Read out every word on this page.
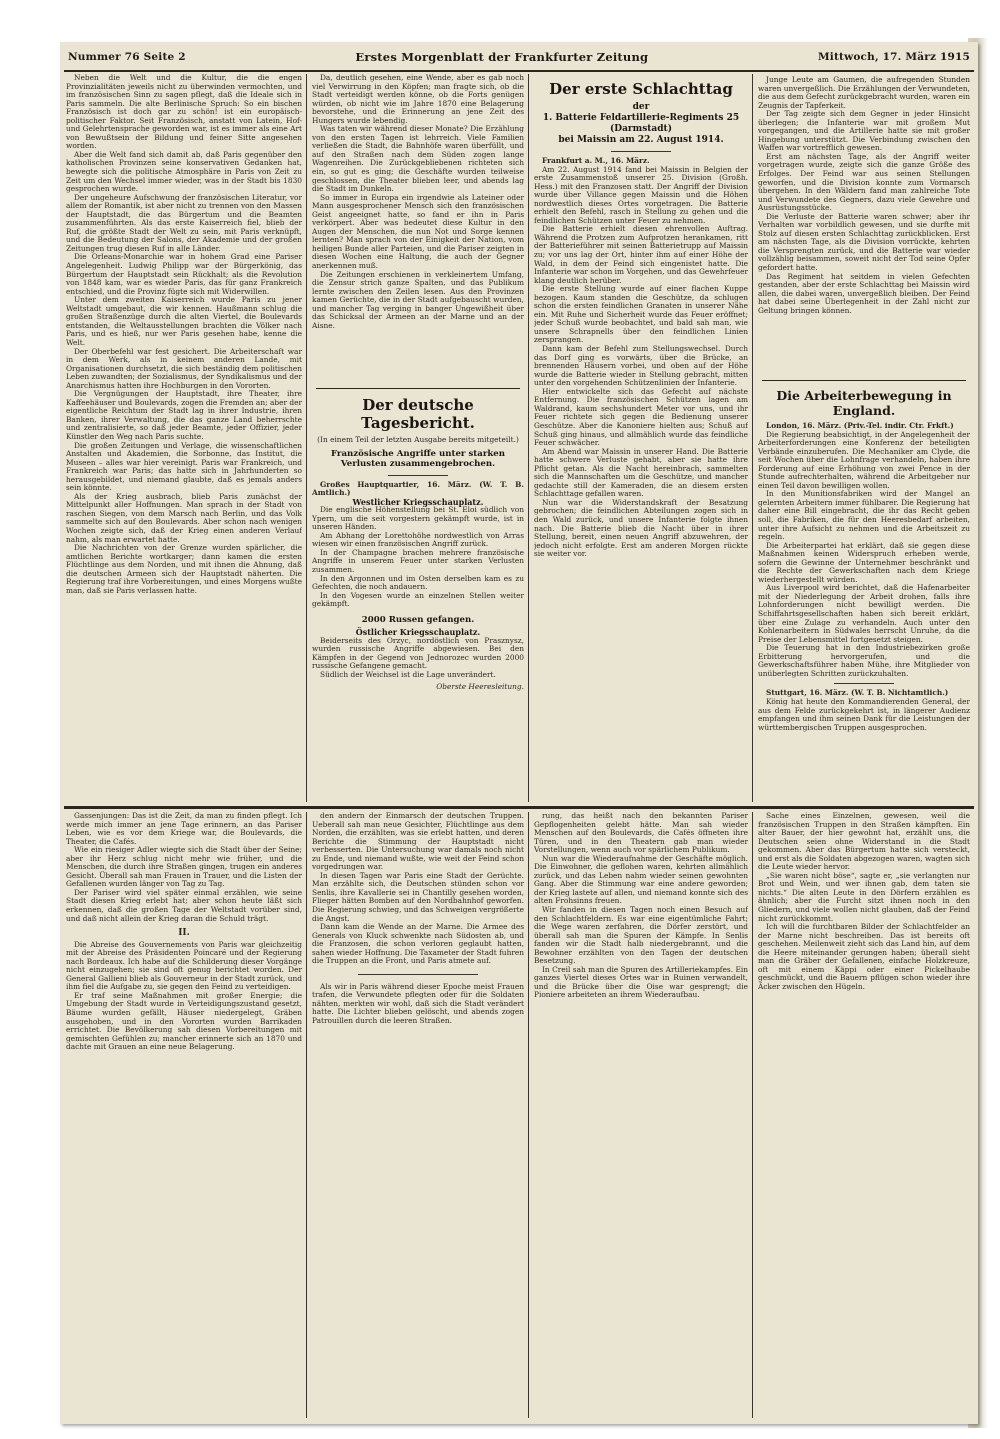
Nummer 76 Seite 2	Erstes Morgenblatt der Frankfurter Zeitung	Mittwoch, 17. März 1915

Neben die Welt und die Kultur, die die engen Provinzialitäten jeweils nicht zu überwinden vermochten, und im französischen Sinn zu sagen pflegt, daß die Ideale sich in Paris sammeln. Die alte Berlinische Spruch: So ein bischen Französisch ist doch gar zu schön! ist ein europäisch-politischer Faktor. Seit Französisch, anstatt von Latein, Hof- und Gelehrtensprache geworden war, ist es immer als eine Art von Bewußtsein der Bildung und feiner Sitte angesehen worden.

Aber die Welt fand sich damit ab, daß Paris gegenüber den katholischen Provinzen seine konservativen Gedanken hat, bewegte sich die politische Atmosphäre in Paris von Zeit zu Zeit um den Wechsel immer wieder, was in der Stadt bis 1830 gesprochen wurde.

Der ungeheure Aufschwung der französischen Literatur, vor allem der Romantik, ist aber nicht zu trennen von den Massen der Hauptstadt, die das Bürgertum und die Beamten zusammenführten. Als das erste Kaiserreich fiel, blieb der Ruf, die größte Stadt der Welt zu sein, mit Paris verknüpft, und die Bedeutung der Salons, der Akademie und der großen Zeitungen trug diesen Ruf in alle Länder.

Die Orleans-Monarchie war in hohem Grad eine Pariser Angelegenheit. Ludwig Philipp war der Bürgerkönig, das Bürgertum der Hauptstadt sein Rückhalt; als die Revolution von 1848 kam, war es wieder Paris, das für ganz Frankreich entschied, und die Provinz fügte sich mit Widerwillen.

Unter dem zweiten Kaiserreich wurde Paris zu jener Weltstadt umgebaut, die wir kennen. Haußmann schlug die großen Straßenzüge durch die alten Viertel, die Boulevards entstanden, die Weltausstellungen brachten die Völker nach Paris, und es hieß, nur wer Paris gesehen habe, kenne die Welt.

Der Oberbefehl war fest gesichert. Die Arbeiterschaft war in dem Werk, als in keinem anderen Lande, mit Organisationen durchsetzt, die sich beständig dem politischen Leben zuwandten; der Sozialismus, der Syndikalismus und der Anarchismus hatten ihre Hochburgen in den Vororten.

Die Vergnügungen der Hauptstadt, ihre Theater, ihre Kaffeehäuser und Boulevards, zogen die Fremden an; aber der eigentliche Reichtum der Stadt lag in ihrer Industrie, ihren Banken, ihrer Verwaltung, die das ganze Land beherrschte und zentralisierte, so daß jeder Beamte, jeder Offizier, jeder Künstler den Weg nach Paris suchte.

Die großen Zeitungen und Verlage, die wissenschaftlichen Anstalten und Akademien, die Sorbonne, das Institut, die Museen – alles war hier vereinigt. Paris war Frankreich, und Frankreich war Paris; das hatte sich in Jahrhunderten so herausgebildet, und niemand glaubte, daß es jemals anders sein könnte.

Als der Krieg ausbrach, blieb Paris zunächst der Mittelpunkt aller Hoffnungen. Man sprach in der Stadt von raschen Siegen, von dem Marsch nach Berlin, und das Volk sammelte sich auf den Boulevards. Aber schon nach wenigen Wochen zeigte sich, daß der Krieg einen anderen Verlauf nahm, als man erwartet hatte.

Die Nachrichten von der Grenze wurden spärlicher, die amtlichen Berichte wortkarger; dann kamen die ersten Flüchtlinge aus dem Norden, und mit ihnen die Ahnung, daß die deutschen Armeen sich der Hauptstadt näherten. Die Regierung traf ihre Vorbereitungen, und eines Morgens wußte man, daß sie Paris verlassen hatte.

Da, deutlich gesehen, eine Wende, aber es gab noch viel Verwirrung in den Köpfen; man fragte sich, ob die Stadt verteidigt werden könne, ob die Forts genügen würden, ob nicht wie im Jahre 1870 eine Belagerung bevorstehe, und die Erinnerung an jene Zeit des Hungers wurde lebendig.

Was taten wir während dieser Monate? Die Erzählung von den ersten Tagen ist lehrreich. Viele Familien verließen die Stadt, die Bahnhöfe waren überfüllt, und auf den Straßen nach dem Süden zogen lange Wagenreihen. Die Zurückgebliebenen richteten sich ein, so gut es ging; die Geschäfte wurden teilweise geschlossen, die Theater blieben leer, und abends lag die Stadt im Dunkeln.

So immer in Europa ein irgendwie als Lateiner oder Mann ausgesprochener Mensch sich den französischen Geist angeeignet hatte, so fand er ihn in Paris verkörpert. Aber was bedeutet diese Kultur in den Augen der Menschen, die nun Not und Sorge kennen lernten? Man sprach von der Einigkeit der Nation, vom heiligen Bunde aller Parteien, und die Pariser zeigten in diesen Wochen eine Haltung, die auch der Gegner anerkennen muß.

Die Zeitungen erschienen in verkleinertem Umfang, die Zensur strich ganze Spalten, und das Publikum lernte zwischen den Zeilen lesen. Aus den Provinzen kamen Gerüchte, die in der Stadt aufgebauscht wurden, und mancher Tag verging in banger Ungewißheit über das Schicksal der Armeen an der Marne und an der Aisne.

Der deutsche Tagesbericht.
(In einem Teil der letzten Ausgabe bereits mitgeteilt.)
Französische Angriffe unter starken Verlusten zusammengebrochen.

Großes Hauptquartier, 16. März. (W. T. B. Amtlich.)

Westlicher Kriegsschauplatz.

Die englische Höhenstellung bei St. Eloi südlich von Ypern, um die seit vorgestern gekämpft wurde, ist in unseren Händen.

Am Abhang der Lorettohöhe nordwestlich von Arras wiesen wir einen französischen Angriff zurück.

In der Champagne brachen mehrere französische Angriffe in unserem Feuer unter starken Verlusten zusammen.

In den Argonnen und im Osten derselben kam es zu Gefechten, die noch andauern.

In den Vogesen wurde an einzelnen Stellen weiter gekämpft.

2000 Russen gefangen.
Östlicher Kriegsschauplatz.

Beiderseits des Orzyc, nordöstlich von Prasznysz, wurden russische Angriffe abgewiesen. Bei den Kämpfen in der Gegend von Jednorozec wurden 2000 russische Gefangene gemacht.

Südlich der Weichsel ist die Lage unverändert.

Oberste Heeresleitung.
Der erste Schlachttag
der
1. Batterie Feldartillerie-Regiments 25 (Darmstadt)
bei Maissin am 22. August 1914.

Frankfurt a. M., 16. März.

Am 22. August 1914 fand bei Maissin in Belgien der erste Zusammenstoß unserer 25. Division (Großh. Hess.) mit den Franzosen statt. Der Angriff der Division wurde über Villance gegen Maissin und die Höhen nordwestlich dieses Ortes vorgetragen. Die Batterie erhielt den Befehl, rasch in Stellung zu gehen und die feindlichen Schützen unter Feuer zu nehmen.

Die Batterie erhielt diesen ehrenvollen Auftrag. Während die Protzen zum Aufprotzen herankamen, ritt der Batterieführer mit seinen Batterietrupp auf Maissin zu; vor uns lag der Ort, hinter ihm auf einer Höhe der Wald, in dem der Feind sich eingenistet hatte. Die Infanterie war schon im Vorgehen, und das Gewehrfeuer klang deutlich herüber.

Die erste Stellung wurde auf einer flachen Kuppe bezogen. Kaum standen die Geschütze, da schlugen schon die ersten feindlichen Granaten in unserer Nähe ein. Mit Ruhe und Sicherheit wurde das Feuer eröffnet; jeder Schuß wurde beobachtet, und bald sah man, wie unsere Schrapnells über den feindlichen Linien zersprangen.

Dann kam der Befehl zum Stellungswechsel. Durch das Dorf ging es vorwärts, über die Brücke, an brennenden Häusern vorbei, und oben auf der Höhe wurde die Batterie wieder in Stellung gebracht, mitten unter den vorgehenden Schützenlinien der Infanterie.

Hier entwickelte sich das Gefecht auf nächste Entfernung. Die französischen Schützen lagen am Waldrand, kaum sechshundert Meter vor uns, und ihr Feuer richtete sich gegen die Bedienung unserer Geschütze. Aber die Kanoniere hielten aus; Schuß auf Schuß ging hinaus, und allmählich wurde das feindliche Feuer schwächer.

Am Abend war Maissin in unserer Hand. Die Batterie hatte schwere Verluste gehabt, aber sie hatte ihre Pflicht getan. Als die Nacht hereinbrach, sammelten sich die Mannschaften um die Geschütze, und mancher gedachte still der Kameraden, die an diesem ersten Schlachttage gefallen waren.

Nun war die Widerstandskraft der Besatzung gebrochen; die feindlichen Abteilungen zogen sich in den Wald zurück, und unsere Infanterie folgte ihnen nach. Die Batterie blieb die Nacht über in ihrer Stellung, bereit, einen neuen Angriff abzuwehren, der jedoch nicht erfolgte. Erst am anderen Morgen rückte sie weiter vor.

Junge Leute am Gaumen, die aufregenden Stunden waren unvergeßlich. Die Erzählungen der Verwundeten, die aus dem Gefecht zurückgebracht wurden, waren ein Zeugnis der Tapferkeit.

Der Tag zeigte sich dem Gegner in jeder Hinsicht überlegen; die Infanterie war mit großem Mut vorgegangen, und die Artillerie hatte sie mit großer Hingebung unterstützt. Die Verbindung zwischen den Waffen war vortrefflich gewesen.

Erst am nächsten Tage, als der Angriff weiter vorgetragen wurde, zeigte sich die ganze Größe des Erfolges. Der Feind war aus seinen Stellungen geworfen, und die Division konnte zum Vormarsch übergehen. In den Wäldern fand man zahlreiche Tote und Verwundete des Gegners, dazu viele Gewehre und Ausrüstungsstücke.

Die Verluste der Batterie waren schwer; aber ihr Verhalten war vorbildlich gewesen, und sie durfte mit Stolz auf diesen ersten Schlachttag zurückblicken. Erst am nächsten Tage, als die Division vorrückte, kehrten die Versprengten zurück, und die Batterie war wieder vollzählig beisammen, soweit nicht der Tod seine Opfer gefordert hatte.

Das Regiment hat seitdem in vielen Gefechten gestanden, aber der erste Schlachttag bei Maissin wird allen, die dabei waren, unvergeßlich bleiben. Der Feind hat dabei seine Überlegenheit in der Zahl nicht zur Geltung bringen können.

Die Arbeiterbewegung in England.

London, 16. März. (Priv.-Tel. indir. Ctr. Frkft.)

Die Regierung beabsichtigt, in der Angelegenheit der Arbeiterforderungen eine Konferenz der beteiligten Verbände einzuberufen. Die Mechaniker am Clyde, die seit Wochen über die Lohnfrage verhandeln, haben ihre Forderung auf eine Erhöhung von zwei Pence in der Stunde aufrechterhalten, während die Arbeitgeber nur einen Teil davon bewilligen wollen.

In den Munitionsfabriken wird der Mangel an gelernten Arbeitern immer fühlbarer. Die Regierung hat daher eine Bill eingebracht, die ihr das Recht geben soll, die Fabriken, die für den Heeresbedarf arbeiten, unter ihre Aufsicht zu nehmen und die Arbeitszeit zu regeln.

Die Arbeiterpartei hat erklärt, daß sie gegen diese Maßnahmen keinen Widerspruch erheben werde, sofern die Gewinne der Unternehmer beschränkt und die Rechte der Gewerkschaften nach dem Kriege wiederhergestellt würden.

Aus Liverpool wird berichtet, daß die Hafenarbeiter mit der Niederlegung der Arbeit drohen, falls ihre Lohnforderungen nicht bewilligt werden. Die Schiffahrtsgesellschaften haben sich bereit erklärt, über eine Zulage zu verhandeln. Auch unter den Kohlenarbeitern in Südwales herrscht Unruhe, da die Preise der Lebensmittel fortgesetzt steigen.

Die Teuerung hat in den Industriebezirken große Erbitterung hervorgerufen, und die Gewerkschaftsführer haben Mühe, ihre Mitglieder von unüberlegten Schritten zurückzuhalten.

Stuttgart, 16. März. (W. T. B. Nichtamtlich.)

König hat heute den Kommandierenden General, der aus dem Felde zurückgekehrt ist, in längerer Audienz empfangen und ihm seinen Dank für die Leistungen der württembergischen Truppen ausgesprochen.

Gassenjungen: Das ist die Zeit, da man zu finden pflegt. Ich werde mich immer an jene Tage erinnern, an das Pariser Leben, wie es vor dem Kriege war, die Boulevards, die Theater, die Cafés.

Wie ein riesiger Adler wiegte sich die Stadt über der Seine; aber ihr Herz schlug nicht mehr wie früher, und die Menschen, die durch ihre Straßen gingen, trugen ein anderes Gesicht. Überall sah man Frauen in Trauer, und die Listen der Gefallenen wurden länger von Tag zu Tag.

Der Pariser wird viel später einmal erzählen, wie seine Stadt diesen Krieg erlebt hat; aber schon heute läßt sich erkennen, daß die großen Tage der Weltstadt vorüber sind, und daß nicht allein der Krieg daran die Schuld trägt.

II.

Die Abreise des Gouvernements von Paris war gleichzeitig mit der Abreise des Präsidenten Poincaré und der Regierung nach Bordeaux. Ich habe auf die Schilderung dieser Vorgänge nicht einzugehen; sie sind oft genug berichtet worden. Der General Gallieni blieb als Gouverneur in der Stadt zurück, und ihm fiel die Aufgabe zu, sie gegen den Feind zu verteidigen.

Er traf seine Maßnahmen mit großer Energie; die Umgebung der Stadt wurde in Verteidigungszustand gesetzt, Bäume wurden gefällt, Häuser niedergelegt, Gräben ausgehoben, und in den Vororten wurden Barrikaden errichtet. Die Bevölkerung sah diesen Vorbereitungen mit gemischten Gefühlen zu; mancher erinnerte sich an 1870 und dachte mit Grauen an eine neue Belagerung.

den andern der Einmarsch der deutschen Truppen. Ueberall sah man neue Gesichter, Flüchtlinge aus dem Norden, die erzählten, was sie erlebt hatten, und deren Berichte die Stimmung der Hauptstadt nicht verbesserten. Die Untersuchung war damals noch nicht zu Ende, und niemand wußte, wie weit der Feind schon vorgedrungen war.

In diesen Tagen war Paris eine Stadt der Gerüchte. Man erzählte sich, die Deutschen stünden schon vor Senlis, ihre Kavallerie sei in Chantilly gesehen worden, Flieger hätten Bomben auf den Nordbahnhof geworfen. Die Regierung schwieg, und das Schweigen vergrößerte die Angst.

Dann kam die Wende an der Marne. Die Armee des Generals von Kluck schwenkte nach Südosten ab, und die Franzosen, die schon verloren geglaubt hatten, sahen wieder Hoffnung. Die Taxameter der Stadt fuhren die Truppen an die Front, und Paris atmete auf.

Als wir in Paris während dieser Epoche meist Frauen trafen, die Verwundete pflegten oder für die Soldaten nähten, merkten wir wohl, daß sich die Stadt verändert hatte. Die Lichter blieben gelöscht, und abends zogen Patrouillen durch die leeren Straßen.

rung, das heißt nach den bekannten Pariser Gepflogenheiten gelebt hätte. Man sah wieder Menschen auf den Boulevards, die Cafés öffneten ihre Türen, und in den Theatern gab man wieder Vorstellungen, wenn auch vor spärlichem Publikum.

Nun war die Wiederaufnahme der Geschäfte möglich. Die Einwohner, die geflohen waren, kehrten allmählich zurück, und das Leben nahm wieder seinen gewohnten Gang. Aber die Stimmung war eine andere geworden; der Krieg lastete auf allen, und niemand konnte sich des alten Frohsinns freuen.

Wir fanden in diesen Tagen noch einen Besuch auf den Schlachtfeldern. Es war eine eigentümliche Fahrt; die Wege waren zerfahren, die Dörfer zerstört, und überall sah man die Spuren der Kämpfe. In Senlis fanden wir die Stadt halb niedergebrannt, und die Bewohner erzählten von den Tagen der deutschen Besetzung.

In Creil sah man die Spuren des Artilleriekampfes. Ein ganzes Viertel dieses Ortes war in Ruinen verwandelt, und die Brücke über die Oise war gesprengt; die Pioniere arbeiteten an ihrem Wiederaufbau.

Sache eines Einzelnen, gewesen, weil die französischen Truppen in den Straßen kämpften. Ein alter Bauer, der hier gewohnt hat, erzählt uns, die Deutschen seien ohne Widerstand in die Stadt gekommen. Aber das Bürgertum hatte sich versteckt, und erst als die Soldaten abgezogen waren, wagten sich die Leute wieder hervor.

„Sie waren nicht böse“, sagte er, „sie verlangten nur Brot und Wein, und wer ihnen gab, dem taten sie nichts.“ Die alten Leute in den Dörfern erzählen es ähnlich; aber die Furcht sitzt ihnen noch in den Gliedern, und viele wollen nicht glauben, daß der Feind nicht zurückkommt.

Ich will die furchtbaren Bilder der Schlachtfelder an der Marne nicht beschreiben. Das ist bereits oft geschehen. Meilenweit zieht sich das Land hin, auf dem die Heere miteinander gerungen haben; überall sieht man die Gräber der Gefallenen, einfache Holzkreuze, oft mit einem Käppi oder einer Pickelhaube geschmückt, und die Bauern pflügen schon wieder ihre Äcker zwischen den Hügeln.
